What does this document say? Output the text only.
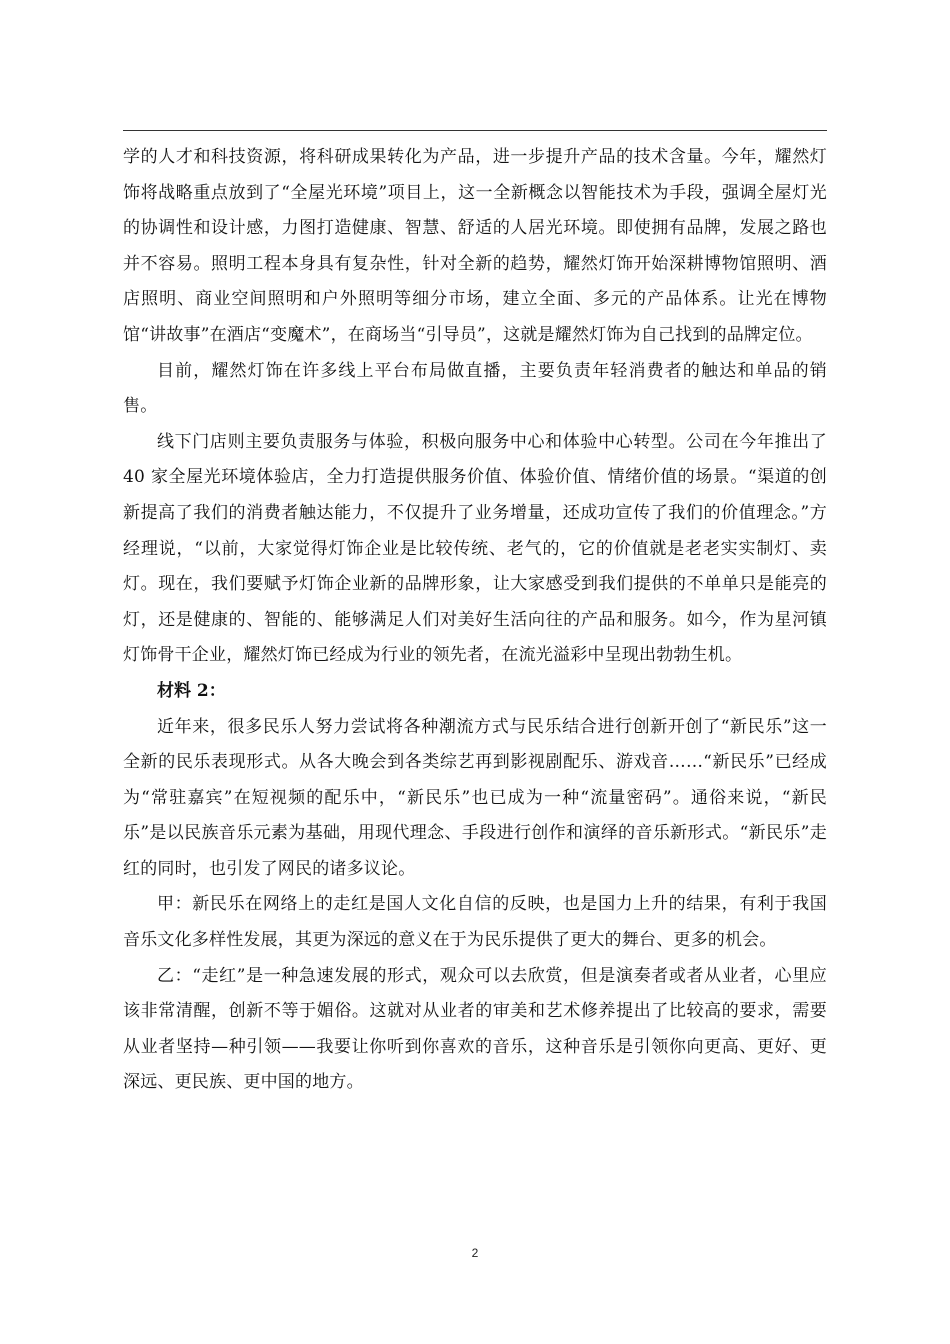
学的人才和科技资源，将科研成果转化为产品，进一步提升产品的技术含量。今年，耀然灯饰将战略重点放到了“全屋光环境”项目上，这一全新概念以智能技术为手段，强调全屋灯光的协调性和设计感，力图打造健康、智慧、舒适的人居光环境。即使拥有品牌，发展之路也并不容易。照明工程本身具有复杂性，针对全新的趋势，耀然灯饰开始深耕博物馆照明、酒店照明、商业空间照明和户外照明等细分市场，建立全面、多元的产品体系。让光在博物馆“讲故事”在酒店“变魔术”，在商场当“引导员”，这就是耀然灯饰为自己找到的品牌定位。

目前，耀然灯饰在许多线上平台布局做直播，主要负责年轻消费者的触达和单品的销售。

线下门店则主要负责服务与体验，积极向服务中心和体验中心转型。公司在今年推出了 40 家全屋光环境体验店，全力打造提供服务价值、体验价值、情绪价值的场景。“渠道的创新提高了我们的消费者触达能力，不仅提升了业务增量，还成功宣传了我们的价值理念。”方经理说，“以前，大家觉得灯饰企业是比较传统、老气的，它的价值就是老老实实制灯、卖灯。现在，我们要赋予灯饰企业新的品牌形象，让大家感受到我们提供的不单单只是能亮的灯，还是健康的、智能的、能够满足人们对美好生活向往的产品和服务。如今，作为星河镇灯饰骨干企业，耀然灯饰已经成为行业的领先者，在流光溢彩中呈现出勃勃生机。

材料 2：

近年来，很多民乐人努力尝试将各种潮流方式与民乐结合进行创新开创了“新民乐”这一全新的民乐表现形式。从各大晚会到各类综艺再到影视剧配乐、游戏音……“新民乐”已经成为“常驻嘉宾”在短视频的配乐中，“新民乐”也已成为一种“流量密码”。通俗来说，“新民乐”是以民族音乐元素为基础，用现代理念、手段进行创作和演绎的音乐新形式。“新民乐”走红的同时，也引发了网民的诸多议论。

甲：新民乐在网络上的走红是国人文化自信的反映，也是国力上升的结果，有利于我国音乐文化多样性发展，其更为深远的意义在于为民乐提供了更大的舞台、更多的机会。

乙：“走红”是一种急速发展的形式，观众可以去欣赏，但是演奏者或者从业者，心里应该非常清醒，创新不等于媚俗。这就对从业者的审美和艺术修养提出了比较高的要求，需要从业者坚持—种引领——我要让你听到你喜欢的音乐，这种音乐是引领你向更高、更好、更深远、更民族、更中国的地方。

2
